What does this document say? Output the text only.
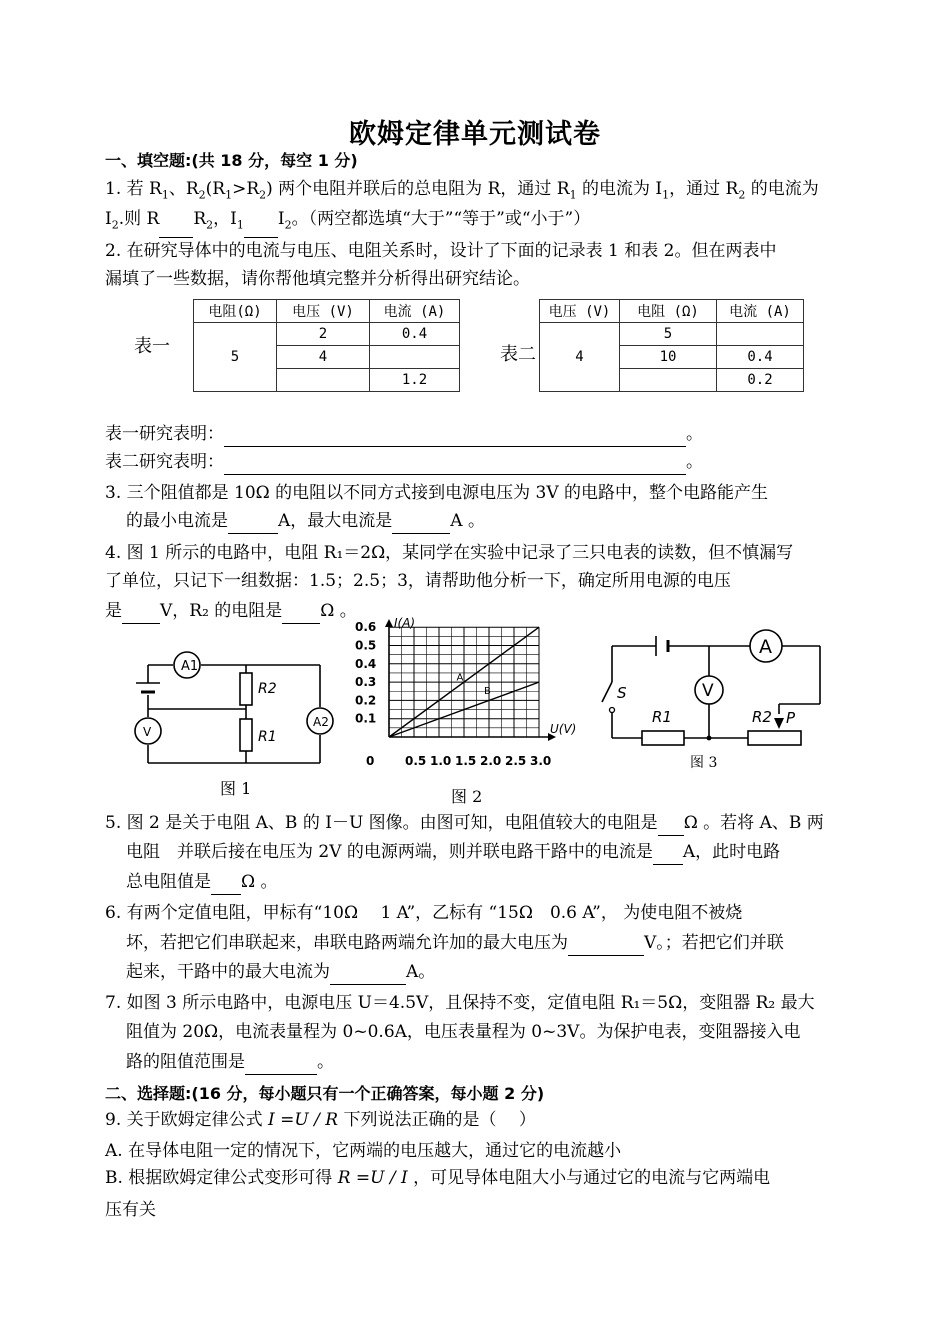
欧姆定律单元测试卷
一、填空题:(共 18 分，每空 1 分)
1. 若 $R_1$、$R_2(R_1>R_2)$ 两个电阻并联后的总电阻为 R，通过 $R_1$ 的电流为 $I_1$，通过 $R_2$ 的电流为
$I_2$.则 R $R_2$，$I_1$ $I_2$。（两空都选填“大于”“等于”或“小于”）
2. 在研究导体中的电流与电压、电阻关系时，设计了下面的记录表 1 和表 2。但在两表中
漏填了一些数据，请你帮他填完整并分析得出研究结论。
表一
电阻(Ω)	电压 (V)	电流 (A)
5	2	0.4
	4	
		1.2
表二
电压 (V)	电阻 (Ω)	电流 (A)
4	5	
	10	0.4
		0.2
表一研究表明：	。
表二研究表明：	。
3. 三个阻值都是 10Ω 的电阻以不同方式接到电源电压为 3V 的电路中，整个电路能产生
的最小电流是	A，最大电流是	A 。
4. 图 1 所示的电路中，电阻 R₁＝2Ω，某同学在实验中记录了三只电表的读数，但不慎漏写
了单位，只记下一组数据：1.5；2.5；3，请帮助他分析一下，确定所用电源的电压
是 V，R₂ 的电阻是 Ω 。
A1
R2
R1
A2
V
图 1
I(A)
U(V)
0
0.6
0.5
0.4
0.3
0.2
0.1
0.5 1.0 1.5 2.0 2.5 3.0
A
B
图 2
A
V
S
R1	R2 P
图 3
5. 图 2 是关于电阻 A、B 的 I－U 图像。由图可知，电阻值较大的电阻是 Ω 。若将 A、B 两
电阻　并联后接在电压为 2V 的电源两端，则并联电路干路中的电流是 A，此时电路
总电阻值是 Ω 。
6. 有两个定值电阻，甲标有“10Ω　 1 A”，乙标有 “15Ω　0.6 A”， 为使电阻不被烧
坏，若把它们串联起来，串联电路两端允许加的最大电压为	V。；若把它们并联
起来，干路中的最大电流为	A。
7. 如图 3 所示电路中，电源电压 U＝4.5V，且保持不变，定值电阻 R₁＝5Ω，变阻器 R₂ 最大
阻值为 20Ω，电流表量程为 0~0.6A，电压表量程为 0~3V。为保护电表，变阻器接入电
路的阻值范围是	。
二、选择题:(16 分，每小题只有一个正确答案，每小题 2 分)
9. 关于欧姆定律公式 I =U / R 下列说法正确的是（　 ）
A. 在导体电阻一定的情况下，它两端的电压越大，通过它的电流越小
B. 根据欧姆定律公式变形可得 R =U / I ，可见导体电阻大小与通过它的电流与它两端电
压有关
